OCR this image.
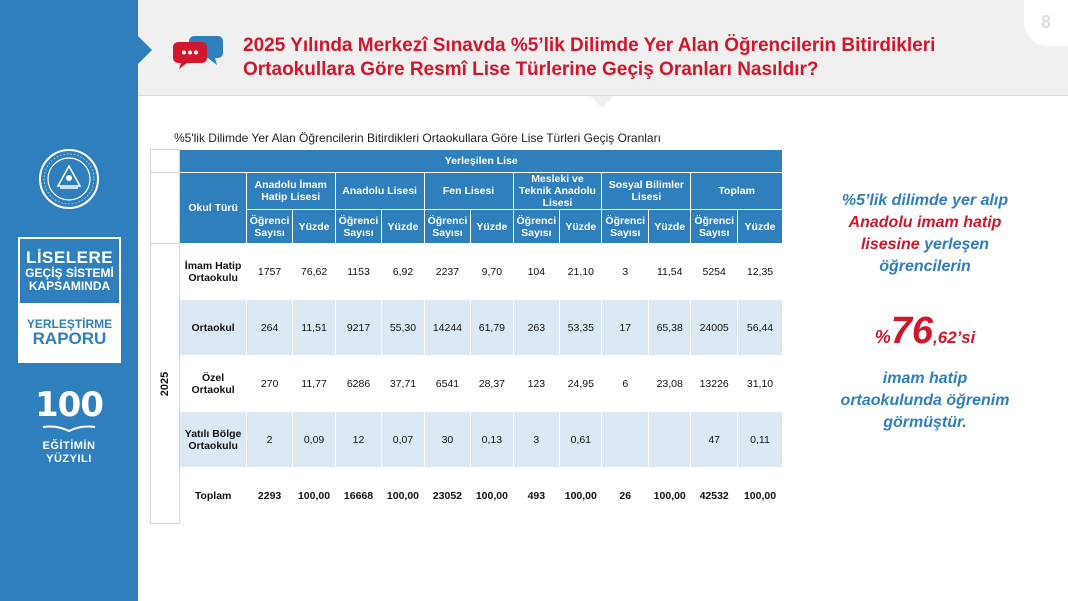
LİSELERE
GEÇİŞ SİSTEMİ
KAPSAMINDA
YERLEŞTİRME
RAPORU
100
EĞİTİMİN
YÜZYILI
2025 Yılında Merkezî Sınavda %5’lik Dilimde Yer Alan Öğrencilerin Bitirdikleri Ortaokullara Göre Resmî Lise Türlerine Geçiş Oranları Nasıldır?
8
%5'lik Dilimde Yer Alan Öğrencilerin Bitirdikleri Ortaokullara Göre Lise Türleri Geçiş Oranları
	Yerleşilen Lise												
	Okul Türü	Anadolu İmam Hatip Lisesi		Anadolu Lisesi		Fen Lisesi		Mesleki ve Teknik Anadolu Lisesi		Sosyal Bilimler Lisesi		Toplam	
		Öğrenci Sayısı	Yüzde	Öğrenci Sayısı	Yüzde	Öğrenci Sayısı	Yüzde	Öğrenci Sayısı	Yüzde	Öğrenci Sayısı	Yüzde	Öğrenci Sayısı	Yüzde
2025	İmam Hatip Ortaokulu	1757	76,62	1153	6,92	2237	9,70	104	21,10	3	11,54	5254	12,35
	Ortaokul	264	11,51	9217	55,30	14244	61,79	263	53,35	17	65,38	24005	56,44
	Özel Ortaokul	270	11,77	6286	37,71	6541	28,37	123	24,95	6	23,08	13226	31,10
	Yatılı Bölge Ortaokulu	2	0,09	12	0,07	30	0,13	3	0,61			47	0,11
	Toplam	2293	100,00	16668	100,00	23052	100,00	493	100,00	26	100,00	42532	100,00
%5’lik dilimde yer alıp
Anadolu imam hatip
lisesine yerleşen
öğrencilerin
%76,62’si
imam hatip
ortaokulunda öğrenim
görmüştür.
